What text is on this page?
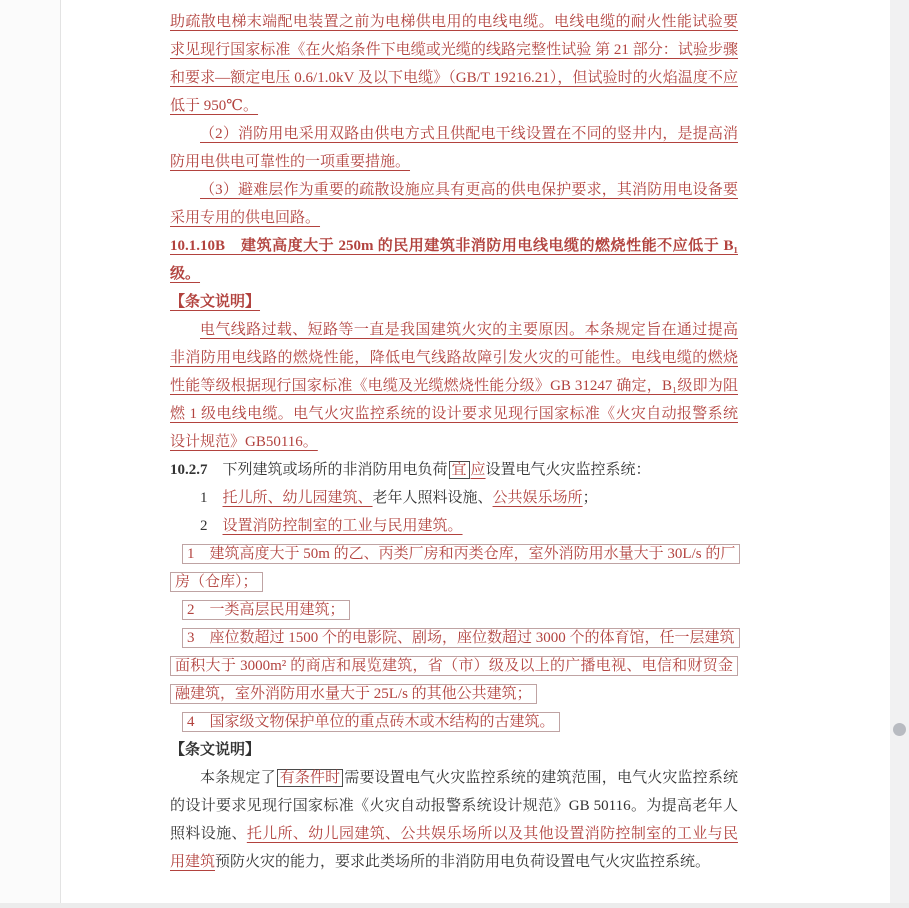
助疏散电梯末端配电装置之前为电梯供电用的电线电缆。电线电缆的耐火性能试验要求见现行国家标准《在火焰条件下电缆或光缆的线路完整性试验 第 21 部分：试验步骤和要求—额定电压 0.6/1.0kV 及以下电缆》（GB/T 19216.21），但试验时的火焰温度不应低于 950℃。
（2）消防用电采用双路由供电方式且供配电干线设置在不同的竖井内，是提高消防用电供电可靠性的一项重要措施。
（3）避难层作为重要的疏散设施应具有更高的供电保护要求，其消防用电设备要采用专用的供电回路。
10.1.10B　建筑高度大于 250m 的民用建筑非消防用电线电缆的燃烧性能不应低于 B₁级。
【条文说明】
电气线路过载、短路等一直是我国建筑火灾的主要原因。本条规定旨在通过提高非消防用电线路的燃烧性能，降低电气线路故障引发火灾的可能性。电线电缆的燃烧性能等级根据现行国家标准《电缆及光缆燃烧性能分级》GB 31247 确定，B₁级即为阻燃 1 级电线电缆。电气火灾监控系统的设计要求见现行国家标准《火灾自动报警系统设计规范》GB50116。
10.2.7　下列建筑或场所的非消防用电负荷 宜 应设置电气火灾监控系统：
1　托儿所、幼儿园建筑、老年人照料设施、公共娱乐场所；
2　设置消防控制室的工业与民用建筑。
1　建筑高度大于 50m 的乙、丙类厂房和丙类仓库，室外消防用水量大于 30L/s 的厂房（仓库）；
2　一类高层民用建筑；
3　座位数超过 1500 个的电影院、剧场，座位数超过 3000 个的体育馆，任一层建筑面积大于 3000m² 的商店和展览建筑，省（市）级及以上的广播电视、电信和财贸金融建筑，室外消防用水量大于 25L/s 的其他公共建筑；
4　国家级文物保护单位的重点砖木或木结构的古建筑。
【条文说明】
本条规定了 有条件时 需要设置电气火灾监控系统的建筑范围，电气火灾监控系统的设计要求见现行国家标准《火灾自动报警系统设计规范》GB 50116。为提高老年人照料设施、托儿所、幼儿园建筑、公共娱乐场所以及其他设置消防控制室的工业与民用建筑预防火灾的能力，要求此类场所的非消防用电负荷设置电气火灾监控系统。
